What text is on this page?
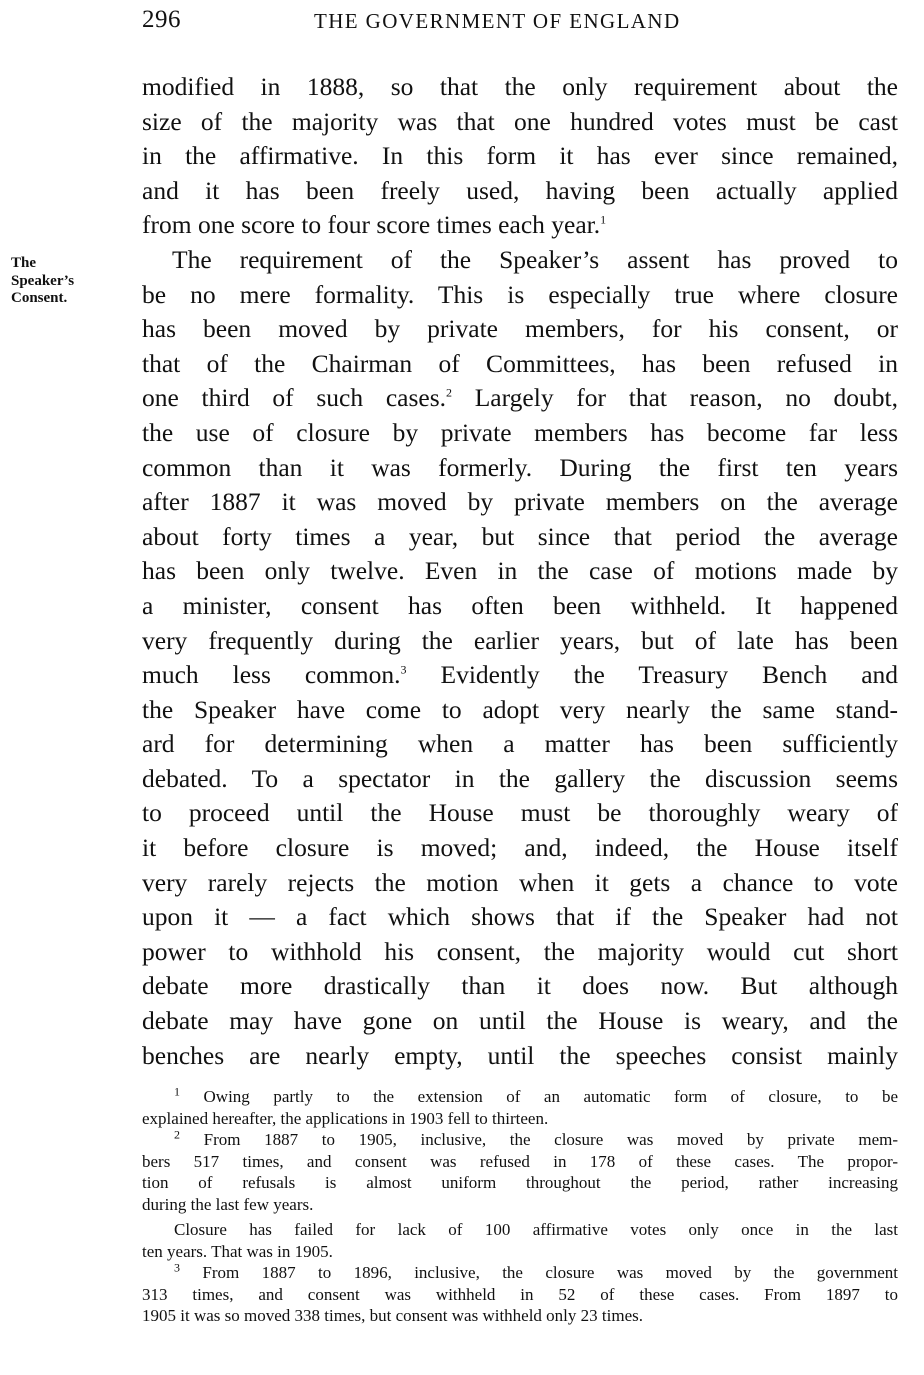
296	THE GOVERNMENT OF ENGLAND
The
Speaker’s
Consent.
modified in 1888, so that the only requirement about the
size of the majority was that one hundred votes must be cast
in the affirmative. In this form it has ever since remained,
and it has been freely used, having been actually applied
from one score to four score times each year.$^1$
The requirement of the Speaker’s assent has proved to
be no mere formality. This is especially true where closure
has been moved by private members, for his consent, or
that of the Chairman of Committees, has been refused in
one third of such cases.$^2$ Largely for that reason, no doubt,
the use of closure by private members has become far less
common than it was formerly. During the first ten years
after 1887 it was moved by private members on the average
about forty times a year, but since that period the average
has been only twelve. Even in the case of motions made by
a minister, consent has often been withheld. It happened
very frequently during the earlier years, but of late has been
much less common.$^3$ Evidently the Treasury Bench and
the Speaker have come to adopt very nearly the same stand-
ard for determining when a matter has been sufficiently
debated. To a spectator in the gallery the discussion seems
to proceed until the House must be thoroughly weary of
it before closure is moved; and, indeed, the House itself
very rarely rejects the motion when it gets a chance to vote
upon it — a fact which shows that if the Speaker had not
power to withhold his consent, the majority would cut short
debate more drastically than it does now. But although
debate may have gone on until the House is weary, and the
benches are nearly empty, until the speeches consist mainly
$^1$ Owing partly to the extension of an automatic form of closure, to be
explained hereafter, the applications in 1903 fell to thirteen.
$^2$ From 1887 to 1905, inclusive, the closure was moved by private mem-
bers 517 times, and consent was refused in 178 of these cases. The propor-
tion of refusals is almost uniform throughout the period, rather increasing
during the last few years.
Closure has failed for lack of 100 affirmative votes only once in the last
ten years. That was in 1905.
$^3$ From 1887 to 1896, inclusive, the closure was moved by the government
313 times, and consent was withheld in 52 of these cases. From 1897 to
1905 it was so moved 338 times, but consent was withheld only 23 times.
